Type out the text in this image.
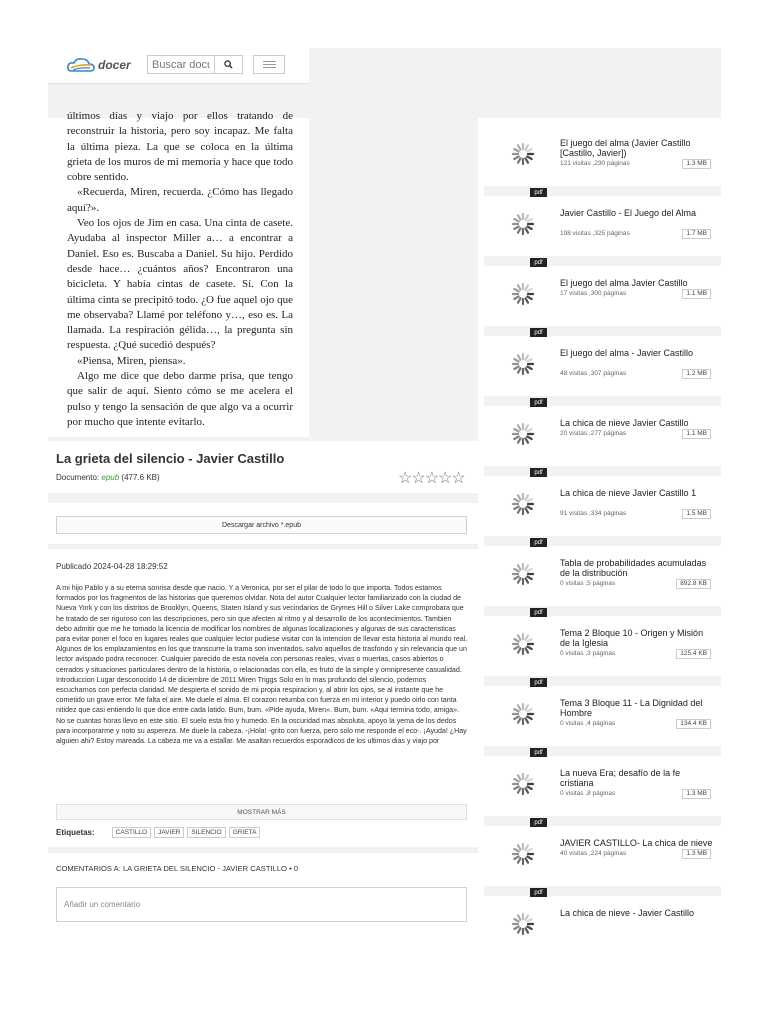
docer
Buscar documentos

últimos días y viajo por ellos tratando de reconstruir la historia, pero soy incapaz. Me falta la última pieza. La que se coloca en la última grieta de los muros de mi memoria y hace que todo cobre sentido.

«Recuerda, Miren, recuerda. ¿Cómo has llegado aquí?».

Veo los ojos de Jim en casa. Una cinta de casete. Ayudaba al inspector Miller a… a encontrar a Daniel. Eso es. Buscaba a Daniel. Su hijo. Perdido desde hace… ¿cuántos años? Encontraron una bicicleta. Y había cintas de casete. Sí. Con la última cinta se precipitó todo. ¿O fue aquel ojo que me observaba? Llamé por teléfono y…, eso es. La llamada. La respiración gélida…, la pregunta sin respuesta. ¿Qué sucedió después?

«Piensa, Miren, piensa».

Algo me dice que debo darme prisa, que tengo que salir de aquí. Siento cómo se me acelera el pulso y tengo la sensación de que algo va a ocurrir por mucho que intente evitarlo.

La grieta del silencio - Javier Castillo
Documento: epub (477.6 KB)	☆☆☆☆☆
Descargar archivo *.epub
Publicado 2024-04-28 18:29:52
A mi hijo Pablo y a su eterna sonrisa desde que nacio. Y a Veronica, por ser el pilar de todo lo que importa. Todos estamos formados por los fragmentos de las historias que queremos olvidar. Nota del autor Cualquier lector familiarizado con la ciudad de Nueva York y con los distritos de Brooklyn, Queens, Staten Island y sus vecindarios de Grymes Hill o Silver Lake comprobara que he tratado de ser riguroso con las descripciones, pero sin que afecten al ritmo y al desarrollo de los acontecimientos. Tambien debo admitir que me he tomado la licencia de modificar los nombres de algunas localizaciones y algunas de sus caracteristicas para evitar poner el foco en lugares reales que cualquier lector pudiese visitar con la intencion de llevar esta historia al mundo real. Algunos de los emplazamientos en los que transcurre la trama son inventados, salvo aquellos de trasfondo y sin relevancia que un lector avispado podra reconocer. Cualquier parecido de esta novela con personas reales, vivas o muertas, casos abiertos o cerrados y situaciones particulares dentro de la historia, o relacionadas con ella, es fruto de la simple y omnipresente casualidad. Introduccion Lugar desconocido 14 de diciembre de 2011 Miren Triggs Solo en lo mas profundo del silencio, podemos escucharnos con perfecta claridad. Me despierta el sonido de mi propia respiracion y, al abrir los ojos, se al instante que he cometido un grave error. Me falta el aire. Me duele el alma. El corazon retumba con fuerza en mi interior y puedo oirlo con tanta nitidez que casi entiendo lo que dice entre cada latido. Bum, bum. «Pide ayuda, Miren». Bum, bum. «Aqui termina todo, amiga». No se cuantas horas llevo en este sitio. El suelo esta frio y humedo. En la oscuridad mas absoluta, apoyo la yema de los dedos para incorporarme y noto su aspereza. Me duele la cabeza. -¡Hola! -grito con fuerza, pero solo me responde el eco-. ¡Ayuda! ¿Hay alguien ahi? Estoy mareada. La cabeza me va a estallar. Me asaltan recuerdos esporadicos de los ultimos dias y viajo por
MOSTRAR MÁS
Etiquetas:	CASTILLO	JAVIER	SILENCIO	GRIETA
COMENTARIOS A: LA GRIETA DEL SILENCIO - JAVIER CASTILLO • 0
Añadir un comentario
El juego del alma (Javier Castillo [Castillo, Javier])
121 visitas ,230 páginas	1.3 MB
pdf
Javier Castillo - El Juego del Alma
198 visitas ,325 páginas	1.7 MB
pdf
El juego del alma Javier Castillo
17 visitas ,300 páginas	1.1 MB
pdf
El juego del alma - Javier Castillo
48 visitas ,307 páginas	1.2 MB
pdf
La chica de nieve Javier Castillo
20 visitas ,277 páginas	1.1 MB
pdf
La chica de nieve Javier Castillo 1
91 visitas ,334 páginas	1.5 MB
pdf
Tabla de probabilidades acumuladas de la distribución
0 visitas ,5 páginas	892.8 KB
pdf
Tema 2 Bloque 10 - Origen y Misión de la Iglesia
0 visitas ,3 páginas	125.4 KB
pdf
Tema 3 Bloque 11 - La Dignidad del Hombre
0 visitas ,4 páginas	134.4 KB
pdf
La nueva Era; desafío de la fe cristiana
0 visitas ,8 páginas	1.3 MB
pdf
JAVIER CASTILLO- La chica de nieve
40 visitas ,224 páginas	1.3 MB
pdf
La chica de nieve - Javier Castillo
